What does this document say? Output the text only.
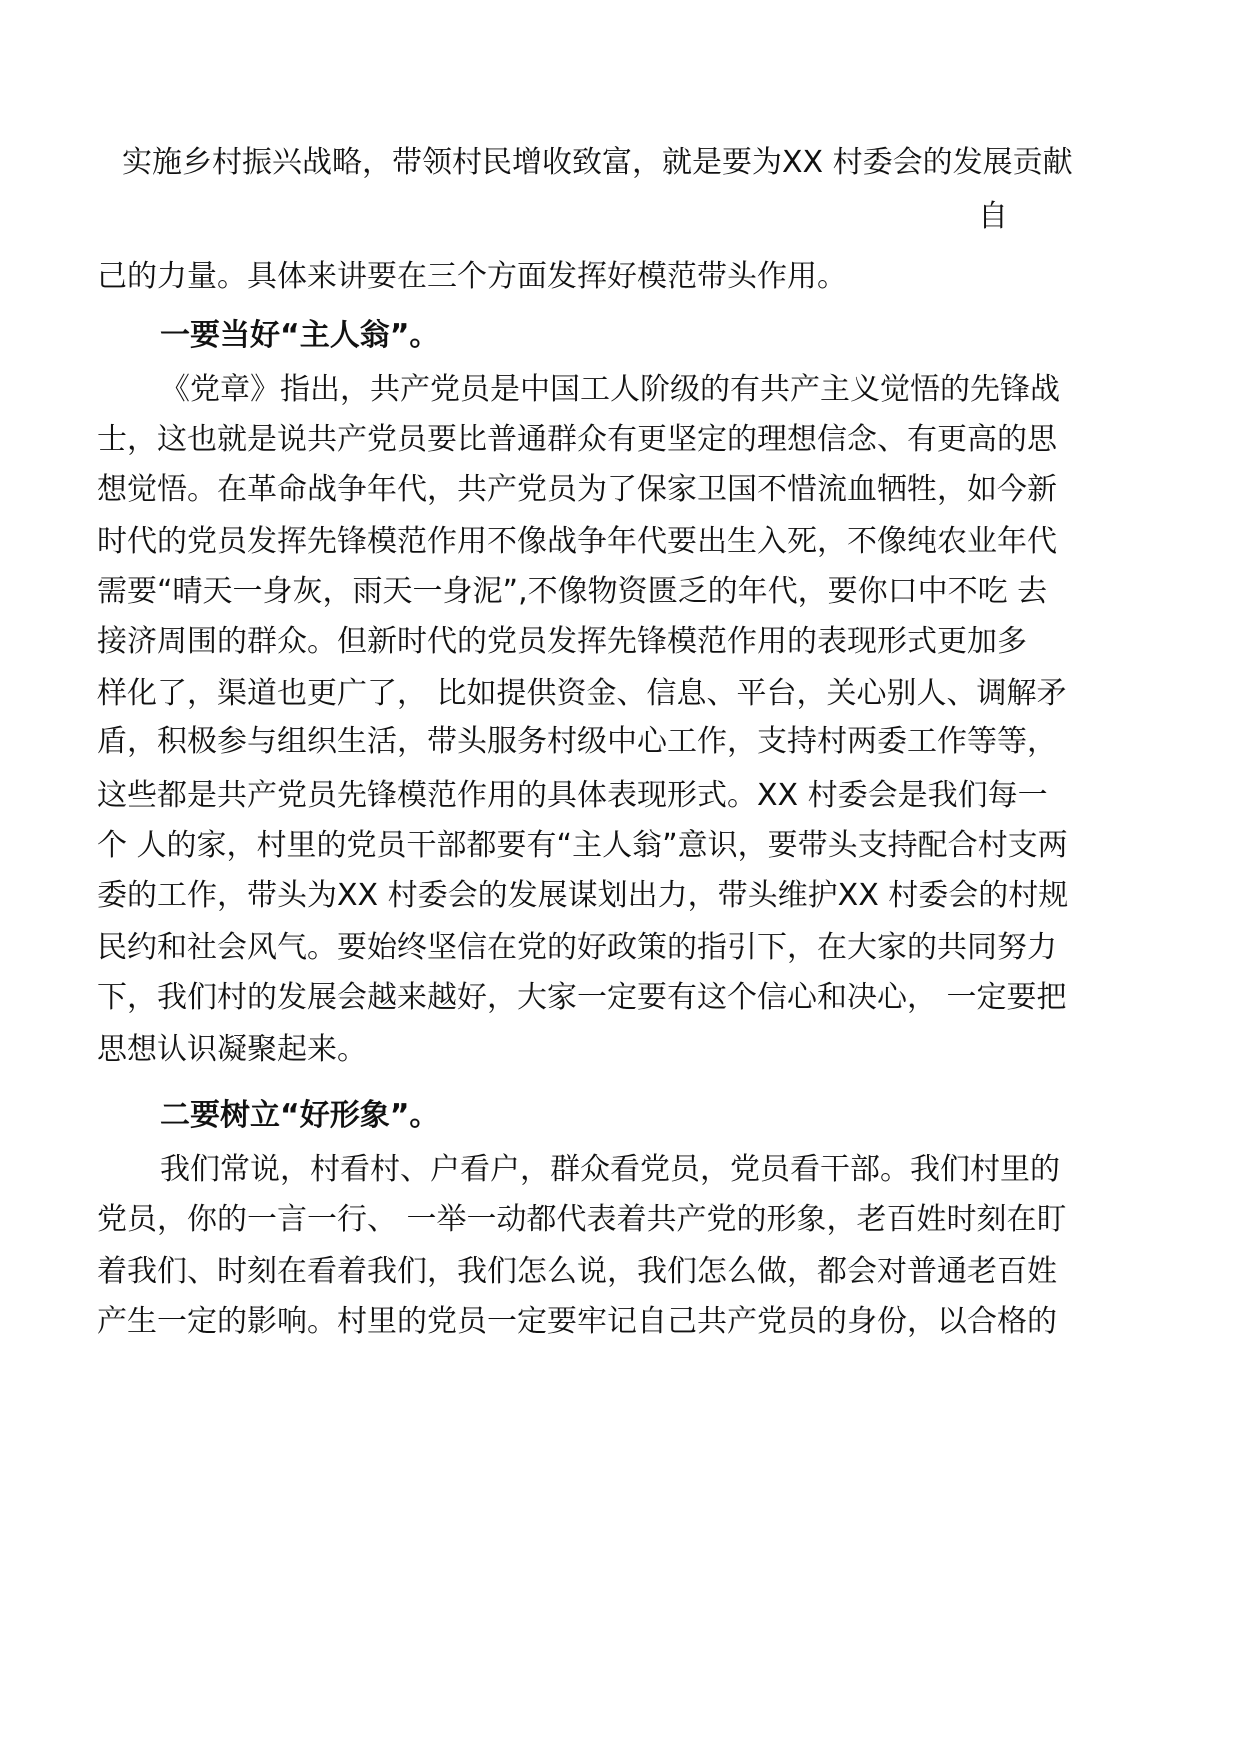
实施乡村振兴战略，带领村民增收致富，就是要为XX 村委会的发展贡献

自

己的力量。具体来讲要在三个方面发挥好模范带头作用。

一要当好“主人翁”。

《党章》指出，共产党员是中国工人阶级的有共产主义觉悟的先锋战

士，这也就是说共产党员要比普通群众有更坚定的理想信念、有更高的思

想觉悟。在革命战争年代，共产党员为了保家卫国不惜流血牺牲，如今新

时代的党员发挥先锋模范作用不像战争年代要出生入死，不像纯农业年代

需要“晴天一身灰，雨天一身泥”,不像物资匮乏的年代，要你口中不吃 去

接济周围的群众。但新时代的党员发挥先锋模范作用的表现形式更加多

样化了，渠道也更广了， 比如提供资金、信息、平台，关心别人、调解矛

盾，积极参与组织生活，带头服务村级中心工作，支持村两委工作等等，

这些都是共产党员先锋模范作用的具体表现形式。XX 村委会是我们每一

个 人的家，村里的党员干部都要有“主人翁”意识，要带头支持配合村支两

委的工作，带头为XX 村委会的发展谋划出力，带头维护XX 村委会的村规

民约和社会风气。要始终坚信在党的好政策的指引下，在大家的共同努力

下，我们村的发展会越来越好，大家一定要有这个信心和决心， 一定要把

思想认识凝聚起来。

二要树立“好形象”。

我们常说，村看村、户看户，群众看党员，党员看干部。我们村里的

党员，你的一言一行、 一举一动都代表着共产党的形象，老百姓时刻在盯

着我们、时刻在看着我们，我们怎么说，我们怎么做，都会对普通老百姓

产生一定的影响。村里的党员一定要牢记自己共产党员的身份，以合格的
